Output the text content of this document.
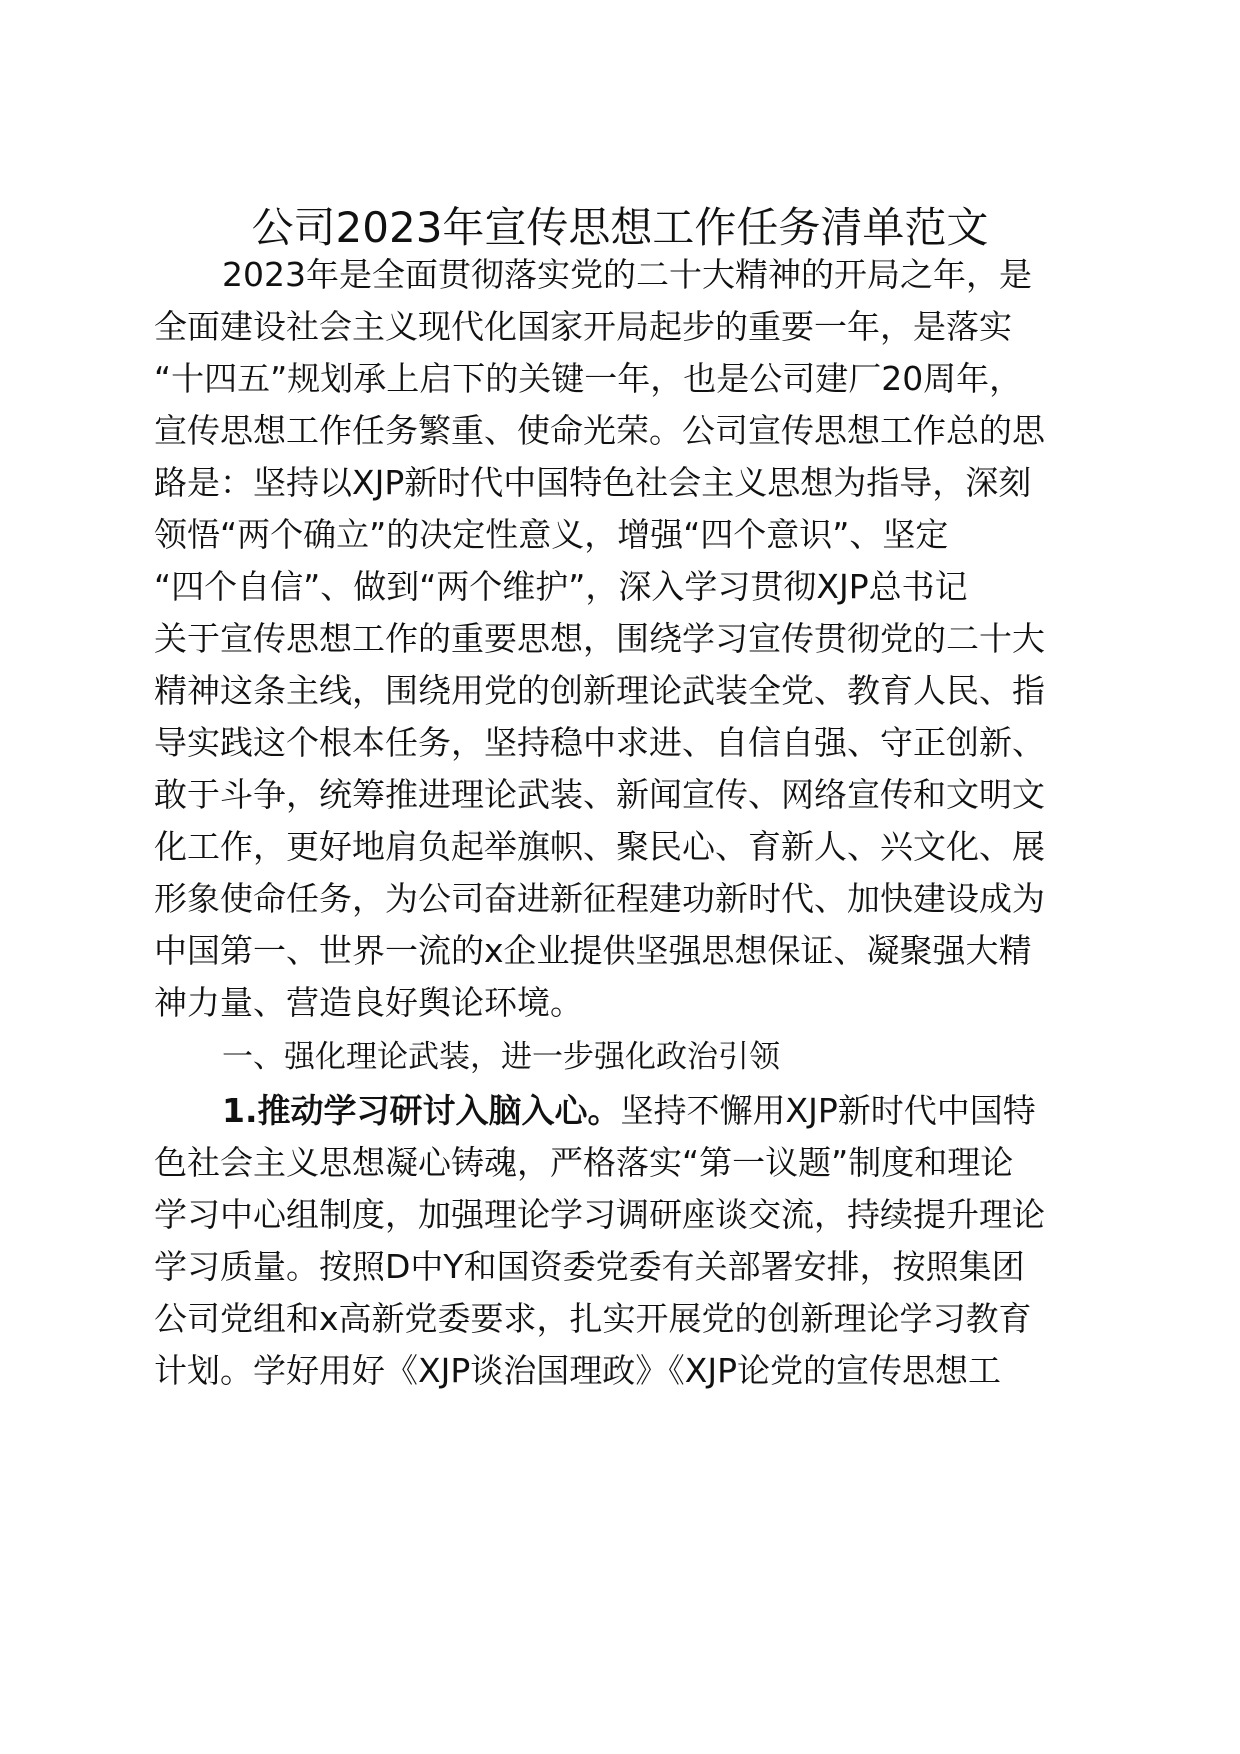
公司2023年宣传思想工作任务清单范文
2023年是全面贯彻落实党的二十大精神的开局之年，是
全面建设社会主义现代化国家开局起步的重要一年，是落实
“十四五”规划承上启下的关键一年，也是公司建厂20周年，
宣传思想工作任务繁重、使命光荣。公司宣传思想工作总的思
路是：坚持以XJP新时代中国特色社会主义思想为指导，深刻
领悟“两个确立”的决定性意义，增强“四个意识”、坚定
“四个自信”、做到“两个维护”，深入学习贯彻XJP总书记
关于宣传思想工作的重要思想，围绕学习宣传贯彻党的二十大
精神这条主线，围绕用党的创新理论武装全党、教育人民、指
导实践这个根本任务，坚持稳中求进、自信自强、守正创新、
敢于斗争，统筹推进理论武装、新闻宣传、网络宣传和文明文
化工作，更好地肩负起举旗帜、聚民心、育新人、兴文化、展
形象使命任务，为公司奋进新征程建功新时代、加快建设成为
中国第一、世界一流的x企业提供坚强思想保证、凝聚强大精
神力量、营造良好舆论环境。
一、强化理论武装，进一步强化政治引领
1.推动学习研讨入脑入心。坚持不懈用XJP新时代中国特
色社会主义思想凝心铸魂，严格落实“第一议题”制度和理论
学习中心组制度，加强理论学习调研座谈交流，持续提升理论
学习质量。按照D中Y和国资委党委有关部署安排，按照集团
公司党组和x高新党委要求，扎实开展党的创新理论学习教育
计划。学好用好《XJP谈治国理政》《XJP论党的宣传思想工
